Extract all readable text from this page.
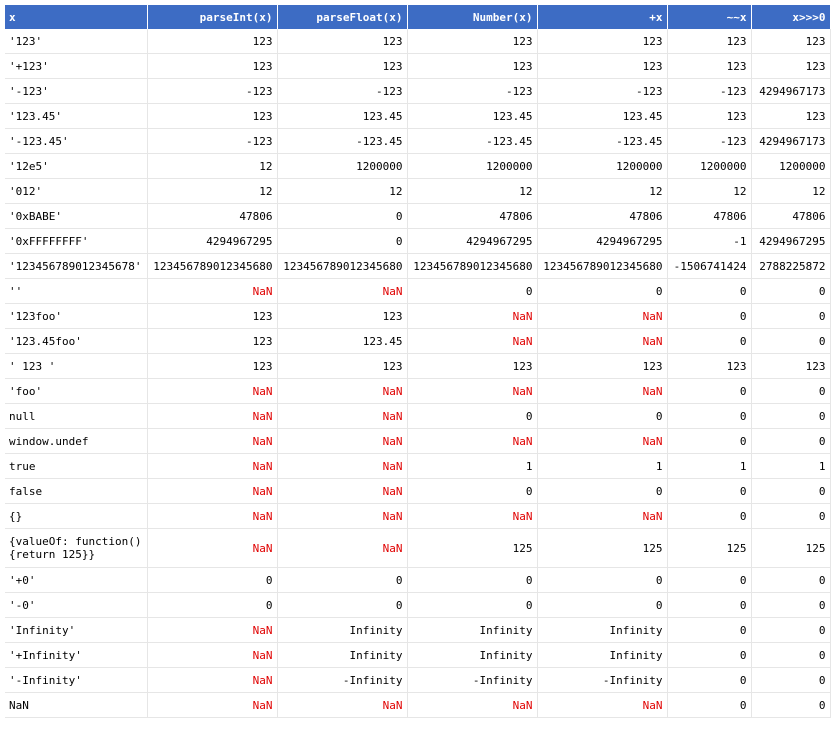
x	parseInt(x)	parseFloat(x)	Number(x)	+x	~~x	x>>>0
'123'	123	123	123	123	123	123
'+123'	123	123	123	123	123	123
'-123'	-123	-123	-123	-123	-123	4294967173
'123.45'	123	123.45	123.45	123.45	123	123
'-123.45'	-123	-123.45	-123.45	-123.45	-123	4294967173
'12e5'	12	1200000	1200000	1200000	1200000	1200000
'012'	12	12	12	12	12	12
'0xBABE'	47806	0	47806	47806	47806	47806
'0xFFFFFFFF'	4294967295	0	4294967295	4294967295	-1	4294967295
'123456789012345678'	123456789012345680	123456789012345680	123456789012345680	123456789012345680	-1506741424	2788225872
''	NaN	NaN	0	0	0	0
'123foo'	123	123	NaN	NaN	0	0
'123.45foo'	123	123.45	NaN	NaN	0	0
' 123 '	123	123	123	123	123	123
'foo'	NaN	NaN	NaN	NaN	0	0
null	NaN	NaN	0	0	0	0
window.undef	NaN	NaN	NaN	NaN	0	0
true	NaN	NaN	1	1	1	1
false	NaN	NaN	0	0	0	0
{}	NaN	NaN	NaN	NaN	0	0
{valueOf: function(){return 125}}	NaN	NaN	125	125	125	125
'+0'	0	0	0	0	0	0
'-0'	0	0	0	0	0	0
'Infinity'	NaN	Infinity	Infinity	Infinity	0	0
'+Infinity'	NaN	Infinity	Infinity	Infinity	0	0
'-Infinity'	NaN	-Infinity	-Infinity	-Infinity	0	0
NaN	NaN	NaN	NaN	NaN	0	0
